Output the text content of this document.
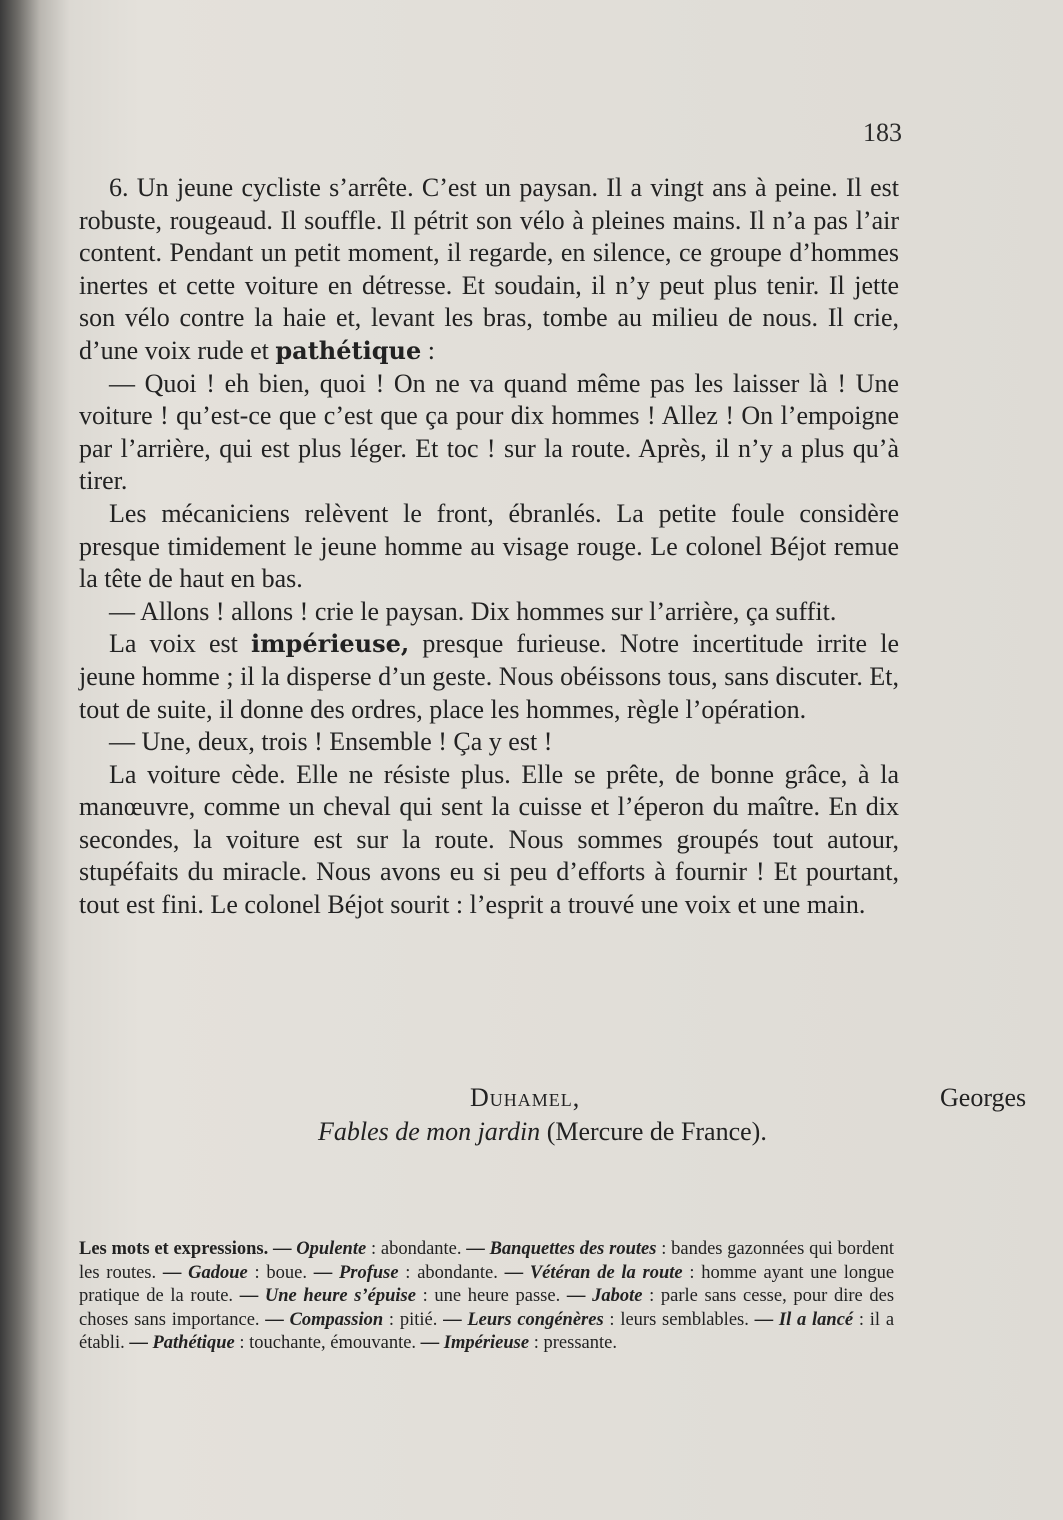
183

6. Un jeune cycliste s’arrête. C’est un paysan. Il a vingt ans à peine. Il est robuste, rougeaud. Il souffle. Il pétrit son vélo à pleines mains. Il n’a pas l’air content. Pendant un petit moment, il regarde, en silence, ce groupe d’hommes inertes et cette voiture en détresse. Et soudain, il n’y peut plus tenir. Il jette son vélo contre la haie et, levant les bras, tombe au milieu de nous. Il crie, d’une voix rude et pathétique :

— Quoi ! eh bien, quoi ! On ne va quand même pas les laisser là ! Une voiture ! qu’est-ce que c’est que ça pour dix hommes ! Allez ! On l’empoigne par l’arrière, qui est plus léger. Et toc ! sur la route. Après, il n’y a plus qu’à tirer.

Les mécaniciens relèvent le front, ébranlés. La petite foule considère presque timidement le jeune homme au visage rouge. Le colonel Béjot remue la tête de haut en bas.

— Allons ! allons ! crie le paysan. Dix hommes sur l’arrière, ça suffit.

La voix est impérieuse, presque furieuse. Notre incertitude irrite le jeune homme ; il la disperse d’un geste. Nous obéissons tous, sans discuter. Et, tout de suite, il donne des ordres, place les hommes, règle l’opération.

— Une, deux, trois ! Ensemble ! Ça y est !

La voiture cède. Elle ne résiste plus. Elle se prête, de bonne grâce, à la manœuvre, comme un cheval qui sent la cuisse et l’éperon du maître. En dix secondes, la voiture est sur la route. Nous sommes groupés tout autour, stupéfaits du miracle. Nous avons eu si peu d’efforts à fournir ! Et pourtant, tout est fini. Le colonel Béjot sourit : l’esprit a trouvé une voix et une main.

Georges
Duhamel,
Fables de mon jardin (Mercure de France).
Les mots et expressions. — Opulente : abondante. — Banquettes des routes : bandes gazonnées qui bordent les routes. — Gadoue : boue. — Profuse : abondante. — Vétéran de la route : homme ayant une longue pratique de la route. — Une heure s’épuise : une heure passe. — Jabote : parle sans cesse, pour dire des choses sans importance. — Compassion : pitié. — Leurs congénères : leurs semblables. — Il a lancé : il a établi. — Pathétique : touchante, émouvante. — Impérieuse : pressante.
